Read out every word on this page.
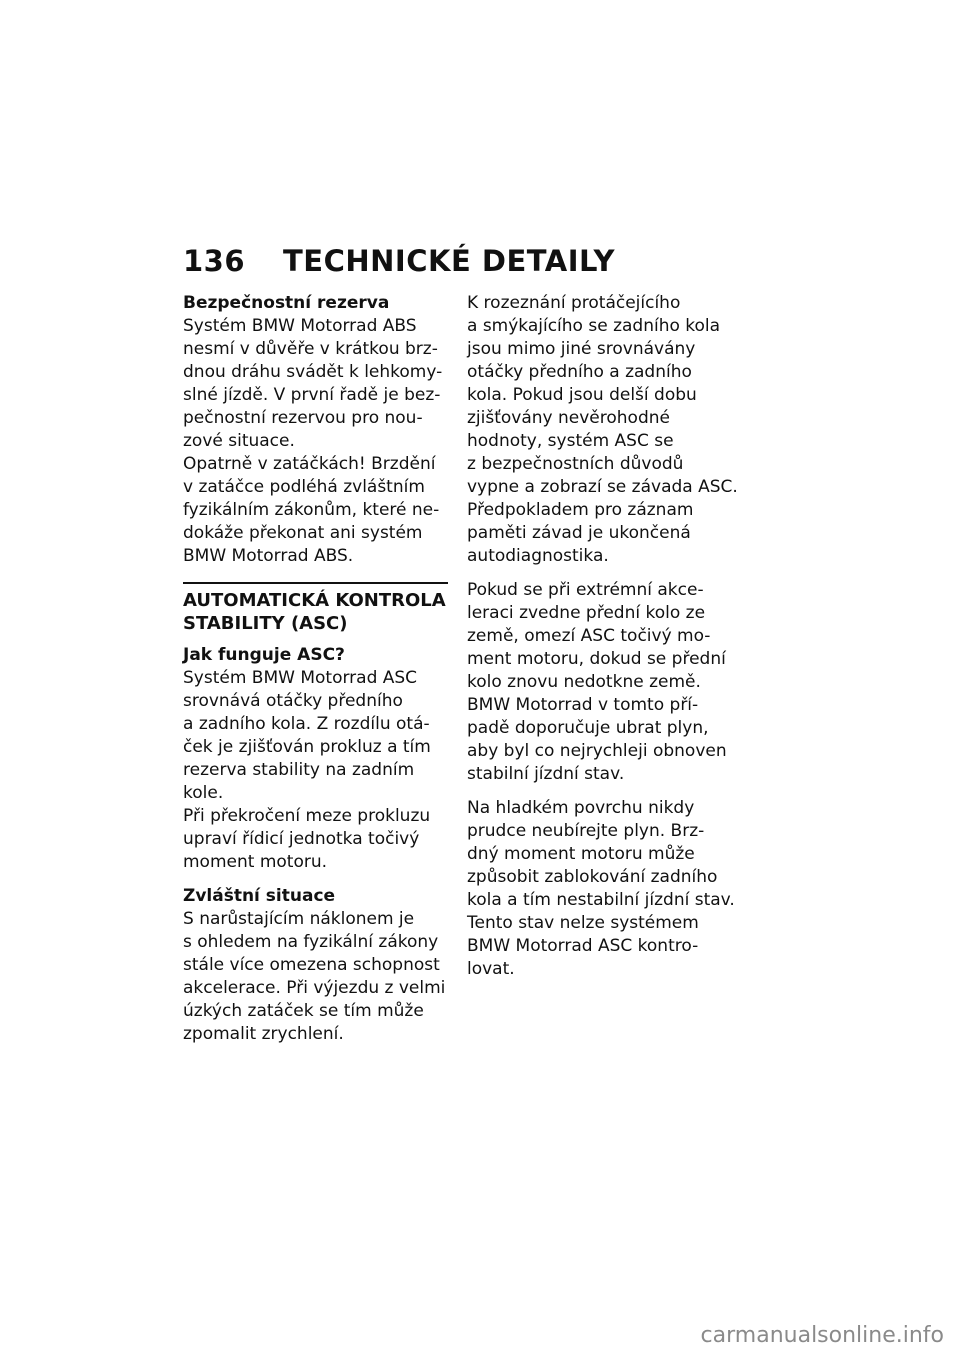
136	TECHNICKÉ DETAILY

Bezpečnostní rezerva

Systém BMW Motorrad ABS
nesmí v důvěře v krátkou brz-
dnou dráhu svádět k lehkomy-
slné jízdě. V první řadě je bez-
pečnostní rezervou pro nou-
zové situace.

Opatrně v zatáčkách! Brzdění
v zatáčce podléhá zvláštním
fyzikálním zákonům, které ne-
dokáže překonat ani systém
BMW Motorrad ABS.

AUTOMATICKÁ KONTROLA
STABILITY (ASC)

Jak funguje ASC?

Systém BMW Motorrad ASC
srovnává otáčky předního
a zadního kola. Z rozdílu otá-
ček je zjišťován prokluz a tím
rezerva stability na zadním kole.
Při překročení meze prokluzu
upraví řídicí jednotka točivý
moment motoru.

Zvláštní situace

S narůstajícím náklonem je
s ohledem na fyzikální zákony
stále více omezena schopnost
akcelerace. Při výjezdu z velmi
úzkých zatáček se tím může
zpomalit zrychlení.

K rozeznání protáčejícího
a smýkajícího se zadního kola
jsou mimo jiné srovnávány
otáčky předního a zadního
kola. Pokud jsou delší dobu
zjišťovány nevěrohodné
hodnoty, systém ASC se
z bezpečnostních důvodů
vypne a zobrazí se závada ASC.
Předpokladem pro záznam
paměti závad je ukončená
autodiagnostika.

Pokud se při extrémní akce-
leraci zvedne přední kolo ze
země, omezí ASC točivý mo-
ment motoru, dokud se přední
kolo znovu nedotkne země.

BMW Motorrad v tomto pří-
padě doporučuje ubrat plyn,
aby byl co nejrychleji obnoven
stabilní jízdní stav.

Na hladkém povrchu nikdy
prudce neubírejte plyn. Brz-
dný moment motoru může
způsobit zablokování zadního
kola a tím nestabilní jízdní stav.
Tento stav nelze systémem
BMW Motorrad ASC kontro-
lovat.

carmanualsonline.info
